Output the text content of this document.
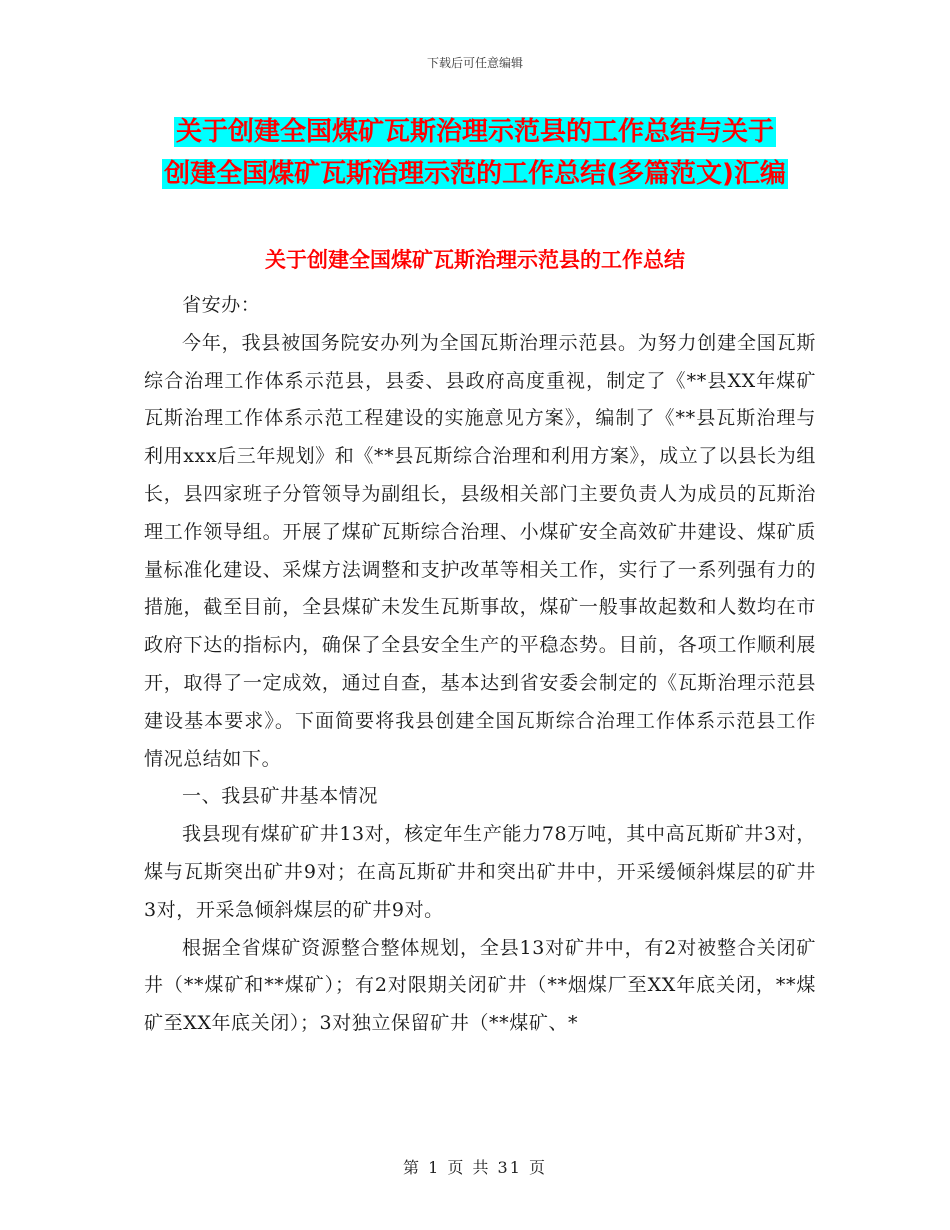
下载后可任意编辑
关于创建全国煤矿瓦斯治理示范县的工作总结与关于
创建全国煤矿瓦斯治理示范的工作总结(多篇范文)汇编
关于创建全国煤矿瓦斯治理示范县的工作总结

省安办：

今年，我县被国务院安办列为全国瓦斯治理示范县。为努力创建全国瓦斯综合治理工作体系示范县，县委、县政府高度重视，制定了《**县XX年煤矿瓦斯治理工作体系示范工程建设的实施意见方案》，编制了《**县瓦斯治理与利用xxx后三年规划》和《**县瓦斯综合治理和利用方案》，成立了以县长为组长，县四家班子分管领导为副组长，县级相关部门主要负责人为成员的瓦斯治理工作领导组。开展了煤矿瓦斯综合治理、小煤矿安全高效矿井建设、煤矿质量标准化建设、采煤方法调整和支护改革等相关工作，实行了一系列强有力的措施，截至目前，全县煤矿未发生瓦斯事故，煤矿一般事故起数和人数均在市政府下达的指标内，确保了全县安全生产的平稳态势。目前，各项工作顺利展开，取得了一定成效，通过自查，基本达到省安委会制定的《瓦斯治理示范县建设基本要求》。下面简要将我县创建全国瓦斯综合治理工作体系示范县工作情况总结如下。

一、我县矿井基本情况

我县现有煤矿矿井13对，核定年生产能力78万吨，其中高瓦斯矿井3对，煤与瓦斯突出矿井9对；在高瓦斯矿井和突出矿井中，开采缓倾斜煤层的矿井3对，开采急倾斜煤层的矿井9对。

根据全省煤矿资源整合整体规划，全县13对矿井中，有2对被整合关闭矿井（**煤矿和**煤矿）；有2对限期关闭矿井（**烟煤厂至XX年底关闭，**煤矿至XX年底关闭）；3对独立保留矿井（**煤矿、*

第 1 页 共 31 页
